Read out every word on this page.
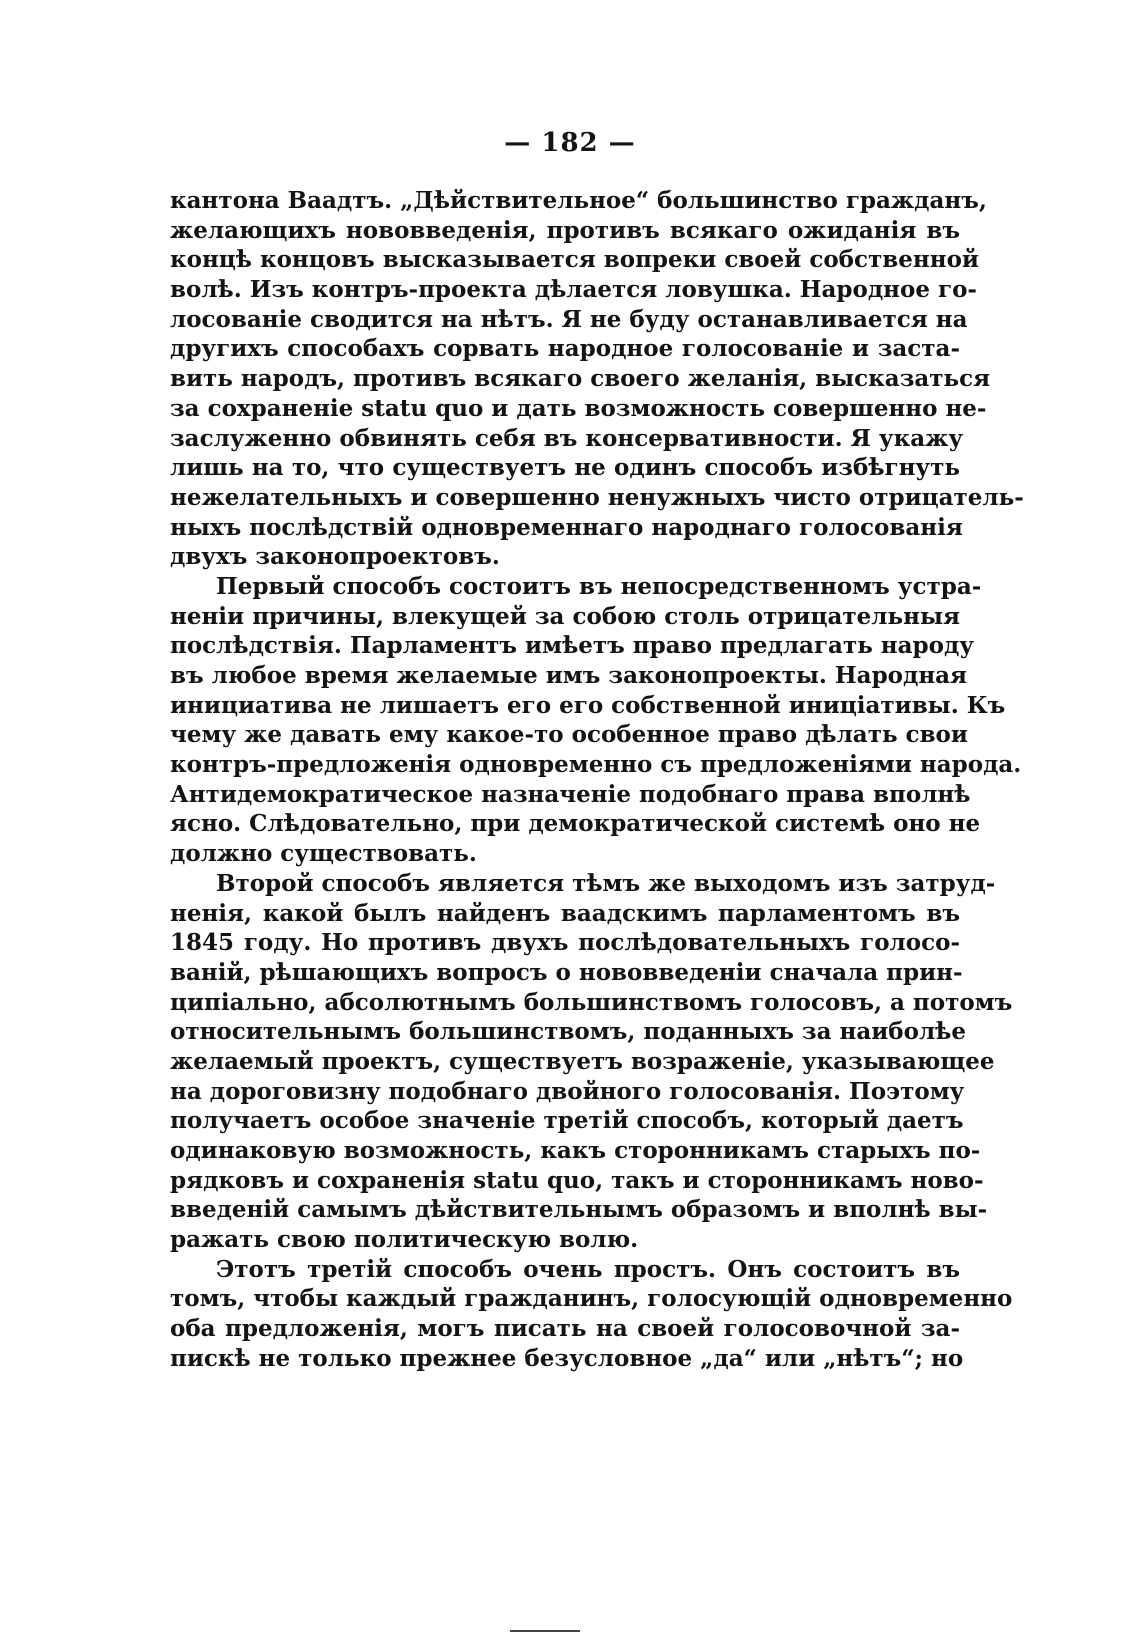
— 182 —
кантона Ваадтъ. „Дѣйствительное“ большинство гражданъ,
желающихъ нововведенія, противъ всякаго ожиданія въ
концѣ концовъ высказывается вопреки своей собственной
волѣ. Изъ контръ-проекта дѣлается ловушка. Народное го-
лосованіе сводится на нѣтъ. Я не буду останавливается на
другихъ способахъ сорвать народное голосованіе и заста-
вить народъ, противъ всякаго своего желанія, высказаться
за сохраненіе statu quo и дать возможность совершенно не-
заслуженно обвинять себя въ консервативности. Я укажу
лишь на то, что существуетъ не одинъ способъ избѣгнуть
нежелательныхъ и совершенно ненужныхъ чисто отрицатель-
ныхъ послѣдствій одновременнаго народнаго голосованія
двухъ законопроектовъ.
Первый способъ состоитъ въ непосредственномъ устра-
неніи причины, влекущей за собою столь отрицательныя
послѣдствія. Парламентъ имѣетъ право предлагать народу
въ любое время желаемые имъ законопроекты. Народная
инициатива не лишаетъ его его собственной иниціативы. Къ
чему же давать ему какое-то особенное право дѣлать свои
контръ-предложенія одновременно съ предложеніями народа.
Антидемократическое назначеніе подобнаго права вполнѣ
ясно. Слѣдовательно, при демократической системѣ оно не
должно существовать.
Второй способъ является тѣмъ же выходомъ изъ затруд-
ненія, какой былъ найденъ ваадскимъ парламентомъ въ
1845 году. Но противъ двухъ послѣдовательныхъ голосо-
ваній, рѣшающихъ вопросъ о нововведеніи сначала прин-
ципіально, абсолютнымъ большинствомъ голосовъ, а потомъ
относительнымъ большинствомъ, поданныхъ за наиболѣе
желаемый проектъ, существуетъ возраженіе, указывающее
на дороговизну подобнаго двойного голосованія. Поэтому
получаетъ особое значеніе третій способъ, который даетъ
одинаковую возможность, какъ сторонникамъ старыхъ по-
рядковъ и сохраненія statu quo, такъ и сторонникамъ ново-
введеній самымъ дѣйствительнымъ образомъ и вполнѣ вы-
ражать свою политическую волю.
Этотъ третій способъ очень простъ. Онъ состоитъ въ
томъ, чтобы каждый гражданинъ, голосующій одновременно
оба предложенія, могъ писать на своей голосовочной за-
пискѣ не только прежнее безусловное „да“ или „нѣтъ“; но
